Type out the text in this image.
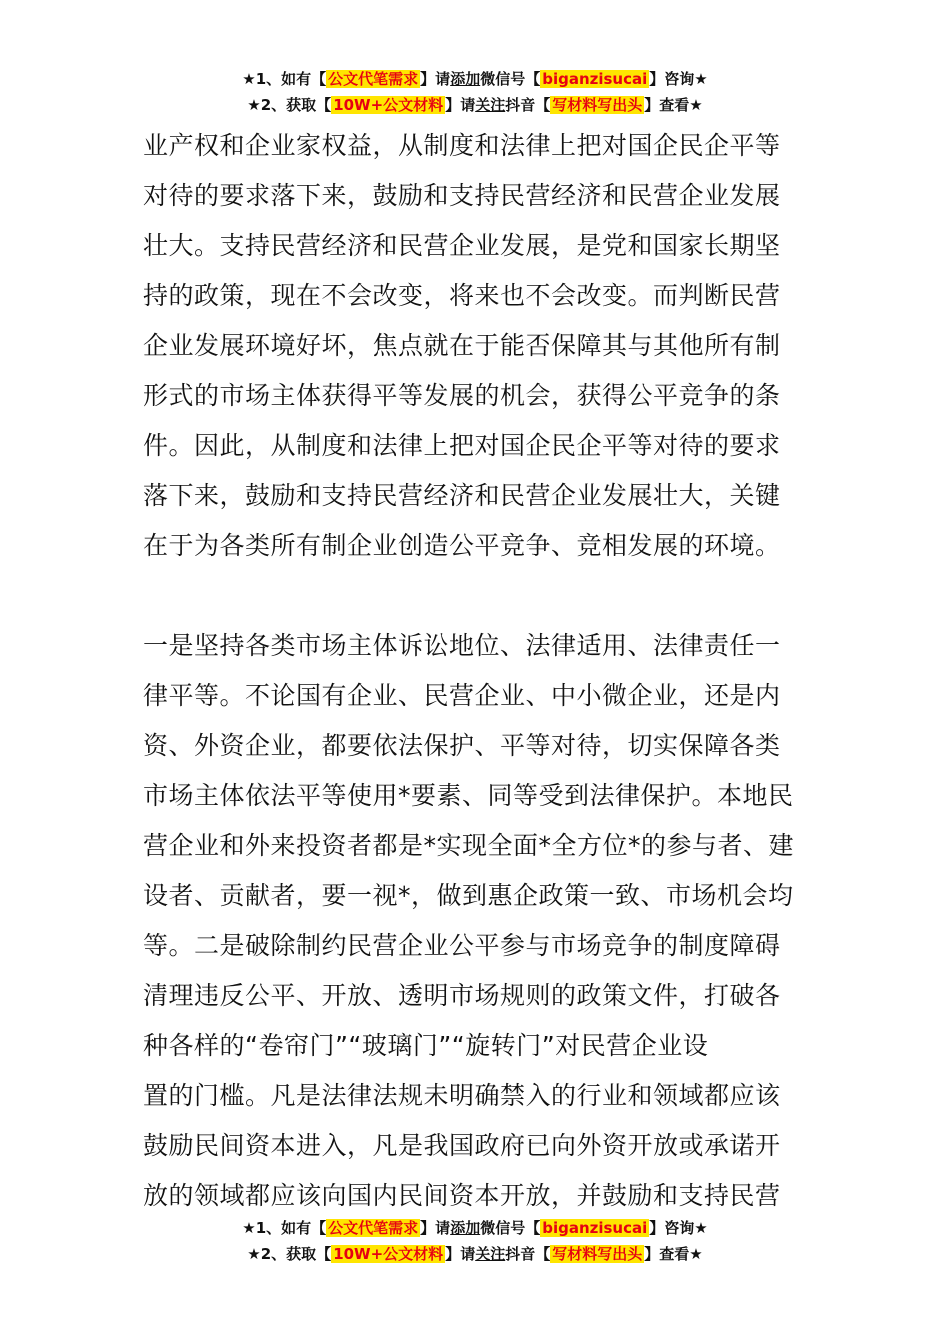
★1、如有【 公文代笔需求 】请添加微信号【 biganzisucai 】咨询★
★2、获取【 10W+公文材料 】请关注抖音【 写材料写出头 】查看★
业产权和企业家权益，从制度和法律上把对国企民企平等
对待的要求落下来，鼓励和支持民营经济和民营企业发展
壮大。支持民营经济和民营企业发展，是党和国家长期坚
持的政策，现在不会改变，将来也不会改变。而判断民营
企业发展环境好坏，焦点就在于能否保障其与其他所有制
形式的市场主体获得平等发展的机会，获得公平竞争的条
件。因此，从制度和法律上把对国企民企平等对待的要求
落下来，鼓励和支持民营经济和民营企业发展壮大，关键
在于为各类所有制企业创造公平竞争、竞相发展的环境。
一是坚持各类市场主体诉讼地位、法律适用、法律责任一
律平等。不论国有企业、民营企业、中小微企业，还是内
资、外资企业，都要依法保护、平等对待，切实保障各类
市场主体依法平等使用*要素、同等受到法律保护。本地民
营企业和外来投资者都是*实现全面*全方位*的参与者、建
设者、贡献者，要一视*，做到惠企政策一致、市场机会均
等。二是破除制约民营企业公平参与市场竞争的制度障碍
清理违反公平、开放、透明市场规则的政策文件，打破各
种各样的“卷帘门”“玻璃门”“旋转门”对民营企业设
置的门槛。凡是法律法规未明确禁入的行业和领域都应该
鼓励民间资本进入，凡是我国政府已向外资开放或承诺开
放的领域都应该向国内民间资本开放，并鼓励和支持民营
★1、如有【 公文代笔需求 】请添加微信号【 biganzisucai 】咨询★
★2、获取【 10W+公文材料 】请关注抖音【 写材料写出头 】查看★
